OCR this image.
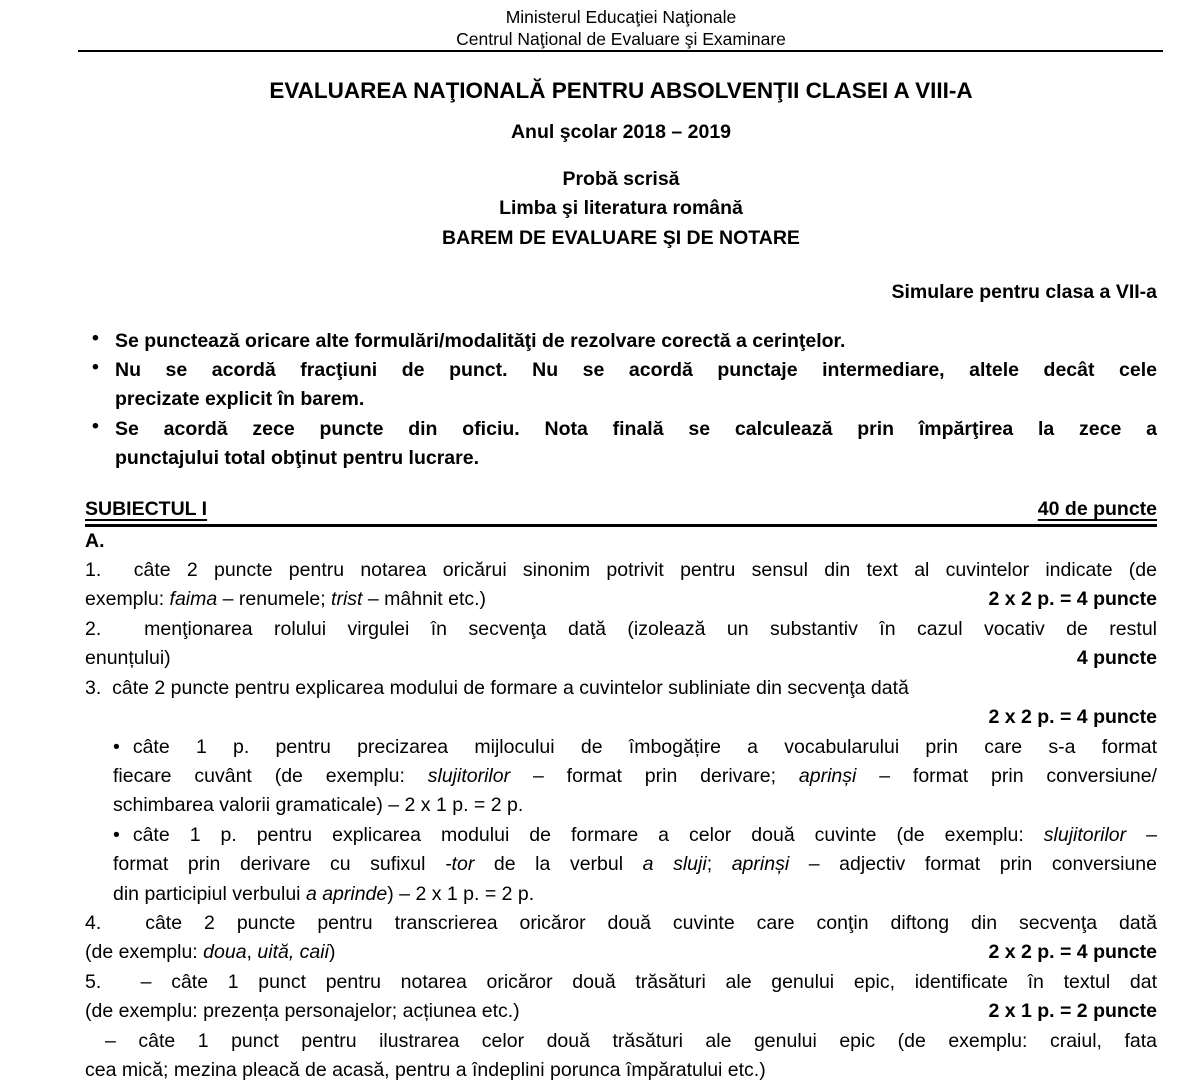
Ministerul Educaţiei Naţionale
Centrul Naţional de Evaluare şi Examinare
EVALUAREA NAŢIONALĂ PENTRU ABSOLVENŢII CLASEI A VIII-A
Anul şcolar 2018 – 2019
Probă scrisă
Limba şi literatura română
BAREM DE EVALUARE ŞI DE NOTARE
Simulare pentru clasa a VII-a
• Se punctează oricare alte formulări/modalităţi de rezolvare corectă a cerinţelor.
• Nu se acordă fracţiuni de punct. Nu se acordă punctaje intermediare, altele decât cele
precizate explicit în barem.
• Se acordă zece puncte din oficiu. Nota finală se calculează prin împărţirea la zece a
punctajului total obţinut pentru lucrare.
SUBIECTUL I	40 de puncte
A.
1.  câte 2 puncte pentru notarea oricărui sinonim potrivit pentru sensul din text al cuvintelor indicate (de
exemplu: faima – renumele; trist – mâhnit etc.)	2 x 2 p. = 4 puncte
2.  menţionarea rolului virgulei în secvenţa dată (izolează un substantiv în cazul vocativ de restul
enunțului)	4 puncte
3.  câte 2 puncte pentru explicarea modului de formare a cuvintelor subliniate din secvenţa dată
2 x 2 p. = 4 puncte
• câte 1 p. pentru precizarea mijlocului de îmbogățire a vocabularului prin care s-a format
fiecare cuvânt (de exemplu: slujitorilor – format prin derivare; aprinși – format prin conversiune/
schimbarea valorii gramaticale) – 2 x 1 p. = 2 p.
• câte 1 p. pentru explicarea modului de formare a celor două cuvinte (de exemplu: slujitorilor –
format prin derivare cu sufixul -tor de la verbul a sluji; aprinși – adjectiv format prin conversiune
din participiul verbului a aprinde) – 2 x 1 p. = 2 p.
4.  câte 2 puncte pentru transcrierea oricăror două cuvinte care conţin diftong din secvenţa dată
(de exemplu: doua, uită, caii)	2 x 2 p. = 4 puncte
5.  – câte 1 punct pentru notarea oricăror două trăsături ale genului epic, identificate în textul dat
(de exemplu: prezența personajelor; acțiunea etc.)	2 x 1 p. = 2 puncte
– câte 1 punct pentru ilustrarea celor două trăsături ale genului epic (de exemplu: craiul, fata
cea mică; mezina pleacă de acasă, pentru a îndeplini porunca împăratului etc.)
